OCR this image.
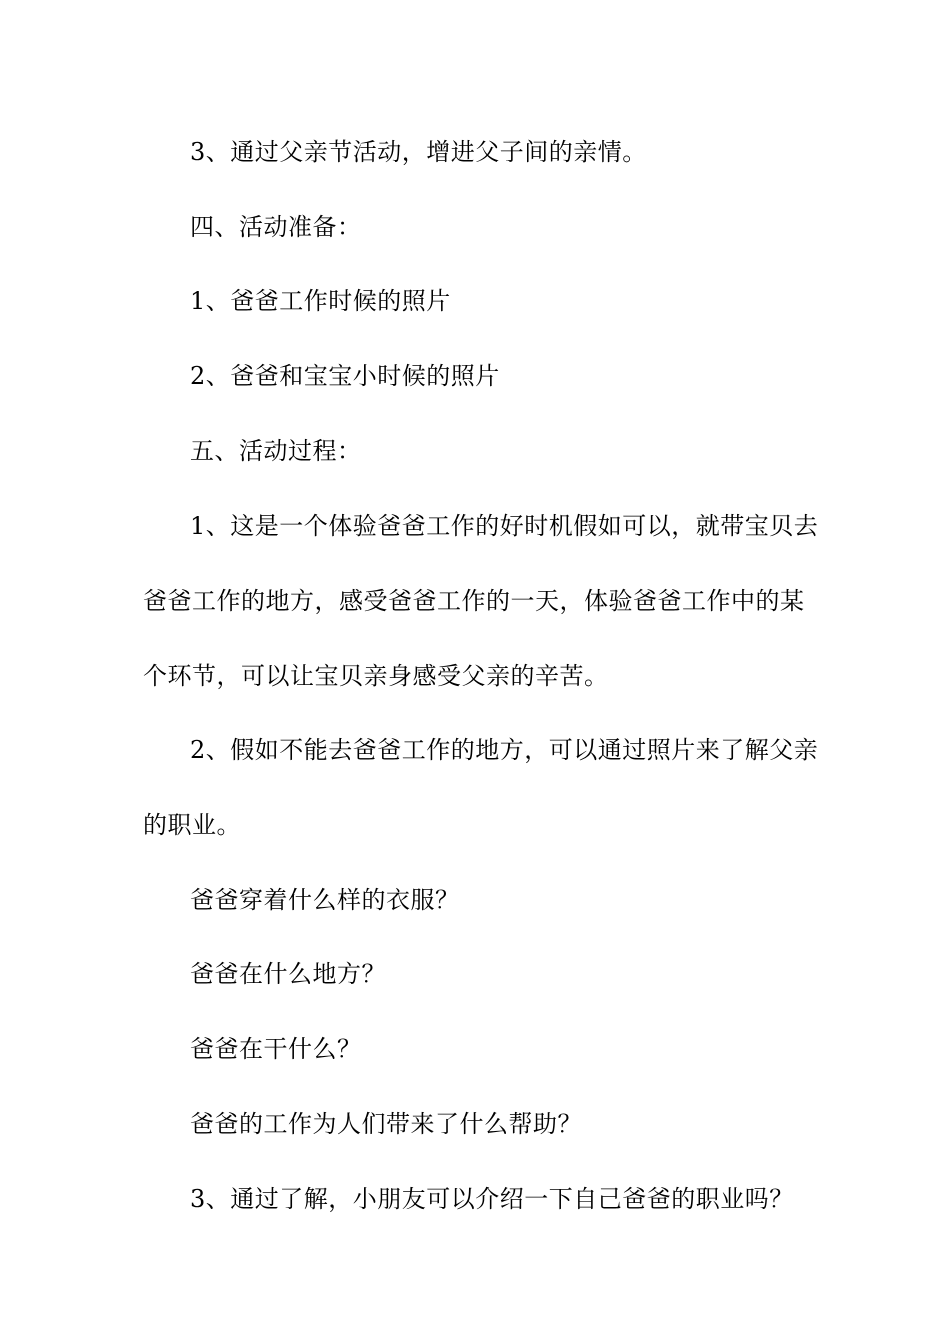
3、通过父亲节活动，增进父子间的亲情。
四、活动准备：
1、爸爸工作时候的照片
2、爸爸和宝宝小时候的照片
五、活动过程：
1、这是一个体验爸爸工作的好时机假如可以，就带宝贝去
爸爸工作的地方，感受爸爸工作的一天，体验爸爸工作中的某
个环节，可以让宝贝亲身感受父亲的辛苦。
2、假如不能去爸爸工作的地方，可以通过照片来了解父亲
的职业。
爸爸穿着什么样的衣服？
爸爸在什么地方？
爸爸在干什么？
爸爸的工作为人们带来了什么帮助？
3、通过了解，小朋友可以介绍一下自己爸爸的职业吗？
